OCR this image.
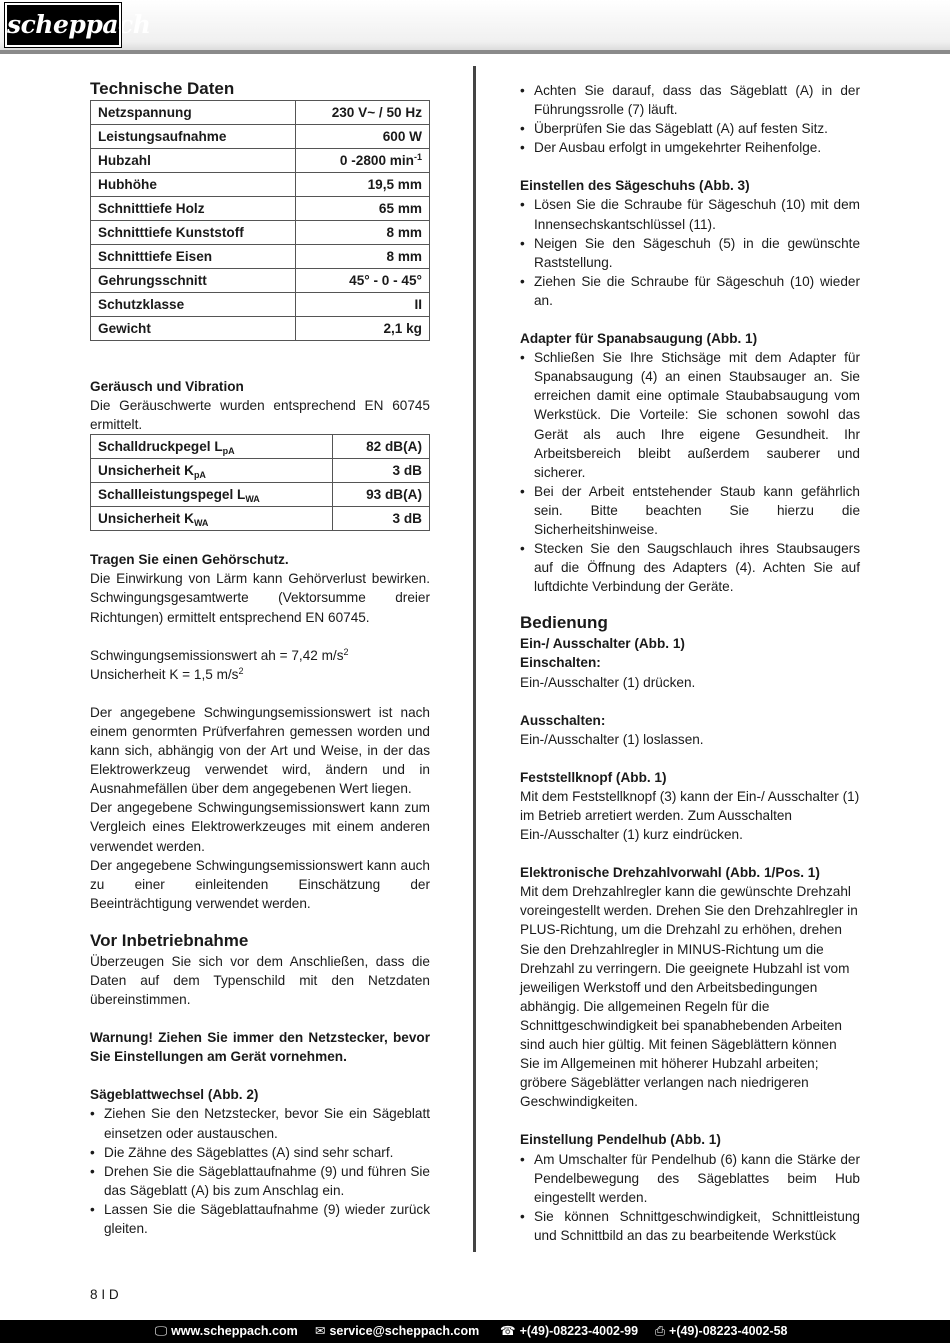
scheppach
Technische Daten
Netzspannung	230 V~ / 50 Hz
Leistungsaufnahme	600 W
Hubzahl	0 -2800 $\min^{-1}$
Hubhöhe	19,5 mm
Schnitttiefe Holz	65 mm
Schnitttiefe Kunststoff	8 mm
Schnitttiefe Eisen	8 mm
Gehrungsschnitt	45° - 0 - 45°
Schutzklasse	II
Gewicht	2,1 kg

Geräusch und Vibration

Die Geräuschwerte wurden entsprechend EN 60745 ermittelt.

Schalldruckpegel $L_{pA}$	82 dB(A)
Unsicherheit $K_{pA}$	3 dB
Schallleistungspegel $L_{WA}$	93 dB(A)
Unsicherheit $K_{WA}$	3 dB

Tragen Sie einen Gehörschutz.

Die Einwirkung von Lärm kann Gehörverlust bewirken. Schwingungsgesamtwerte (Vektorsumme dreier Richtungen) ermittelt entsprechend EN 60745.

Schwingungsemissionswert ah = 7,42 $m/s^2$

Unsicherheit K = 1,5 $m/s^2$

Der angegebene Schwingungsemissionswert ist nach einem genormten Prüfverfahren gemessen worden und kann sich, abhängig von der Art und Weise, in der das Elektrowerkzeug verwendet wird, ändern und in Ausnahmefällen über dem angegebenen Wert liegen.

Der angegebene Schwingungsemissionswert kann zum Vergleich eines Elektrowerkzeuges mit einem anderen verwendet werden.

Der angegebene Schwingungsemissionswert kann auch zu einer einleitenden Einschätzung der Beeinträchtigung verwendet werden.

Vor Inbetriebnahme

Überzeugen Sie sich vor dem Anschließen, dass die Daten auf dem Typenschild mit den Netzdaten übereinstimmen.

Warnung! Ziehen Sie immer den Netzstecker, bevor Sie Einstellungen am Gerät vornehmen.

Sägeblattwechsel (Abb. 2)

• Ziehen Sie den Netzstecker, bevor Sie ein Sägeblatt einsetzen oder austauschen.
• Die Zähne des Sägeblattes (A) sind sehr scharf.
• Drehen Sie die Sägeblattaufnahme (9) und führen Sie das Sägeblatt (A) bis zum Anschlag ein.
• Lassen Sie die Sägeblattaufnahme (9) wieder zurück gleiten.
• Achten Sie darauf, dass das Sägeblatt (A) in der Führungssrolle (7) läuft.
• Überprüfen Sie das Sägeblatt (A) auf festen Sitz.
• Der Ausbau erfolgt in umgekehrter Reihenfolge.

Einstellen des Sägeschuhs (Abb. 3)

• Lösen Sie die Schraube für Sägeschuh (10) mit dem Innensechskantschlüssel (11).
• Neigen Sie den Sägeschuh (5) in die gewünschte Raststellung.
• Ziehen Sie die Schraube für Sägeschuh (10) wieder an.

Adapter für Spanabsaugung (Abb. 1)

• Schließen Sie Ihre Stichsäge mit dem Adapter für Spanabsaugung (4) an einen Staubsauger an. Sie erreichen damit eine optimale Staubabsaugung vom Werkstück. Die Vorteile: Sie schonen sowohl das Gerät als auch Ihre eigene Gesundheit. Ihr Arbeitsbereich bleibt außerdem sauberer und sicherer.
• Bei der Arbeit entstehender Staub kann gefährlich sein. Bitte beachten Sie hierzu die Sicherheitshinweise.
• Stecken Sie den Saugschlauch ihres Staubsaugers auf die Öffnung des Adapters (4). Achten Sie auf luftdichte Verbindung der Geräte.
Bedienung

Ein-/ Ausschalter (Abb. 1)

Einschalten:

Ein-/Ausschalter (1) drücken.

Ausschalten:

Ein-/Ausschalter (1) loslassen.

Feststellknopf (Abb. 1)

Mit dem Feststellknopf (3) kann der Ein-/ Ausschalter (1) im Betrieb arretiert werden. Zum Ausschalten Ein-/Ausschalter (1) kurz eindrücken.

Elektronische Drehzahlvorwahl (Abb. 1/Pos. 1)

Mit dem Drehzahlregler kann die gewünschte Drehzahl voreingestellt werden. Drehen Sie den Drehzahlregler in PLUS-Richtung, um die Drehzahl zu erhöhen, drehen Sie den Drehzahlregler in MINUS-Richtung um die Drehzahl zu verringern. Die geeignete Hubzahl ist vom jeweiligen Werkstoff und den Arbeitsbedingungen abhängig. Die allgemeinen Regeln für die Schnittgeschwindigkeit bei spanabhebenden Arbeiten sind auch hier gültig. Mit feinen Sägeblättern können Sie im Allgemeinen mit höherer Hubzahl arbeiten; gröbere Sägeblätter verlangen nach niedrigeren Geschwindigkeiten.

Einstellung Pendelhub (Abb. 1)

• Am Umschalter für Pendelhub (6) kann die Stärke der Pendelbewegung des Sägeblattes beim Hub eingestellt werden.
• Sie können Schnittgeschwindigkeit, Schnittleistung und Schnittbild an das zu bearbeitende Werkstück
8 I D
🖵 www.scheppach.com ✉ service@scheppach.com ☎ +(49)-08223-4002-99 ⎙ +(49)-08223-4002-58
